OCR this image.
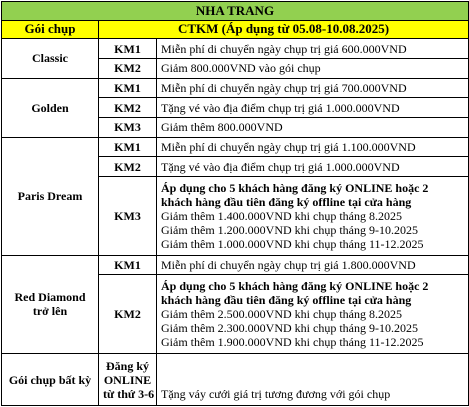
NHA TRANG		
Gói chụp	CTKM (Áp dụng từ 05.08-10.08.2025)	
Classic	KM1	Miễn phí di chuyển ngày chụp trị giá 600.000VND
	KM2	Giảm 800.000VND vào gói chụp
Golden	KM1	Miễn phí di chuyển ngày chụp trị giá 700.000VND
	KM2	Tặng vé vào địa điểm chụp trị giá 1.000.000VND
	KM3	Giảm thêm 800.000VND
Paris Dream	KM1	Miễn phí di chuyển ngày chụp trị giá 1.100.000VND
	KM2	Tặng vé vào địa điểm chụp trị giá 1.000.000VND
	KM3	Áp dụng cho 5 khách hàng đăng ký ONLINE hoặc 2
khách hàng đầu tiên đăng ký offline tại cửa hàng
Giảm thêm 1.400.000VND khi chụp tháng 8.2025
Giảm thêm 1.200.000VND khi chụp tháng 9-10.2025
Giảm thêm 1.000.000VND khi chụp tháng 11-12.2025

Red Diamond
trở lên	KM1	Miễn phí di chuyển ngày chụp trị giá 1.800.000VND
	KM2	Áp dụng cho 5 khách hàng đăng ký ONLINE hoặc 2
khách hàng đầu tiên đăng ký offline tại cửa hàng
Giảm thêm 2.500.000VND khi chụp tháng 8.2025
Giảm thêm 2.300.000VND khi chụp tháng 9-10.2025
Giảm thêm 1.900.000VND khi chụp tháng 11-12.2025

Gói chụp bất kỳ	Đăng ký
ONLINE
từ thứ 3-6	Tặng váy cưới giá trị tương đương với gói chụp
